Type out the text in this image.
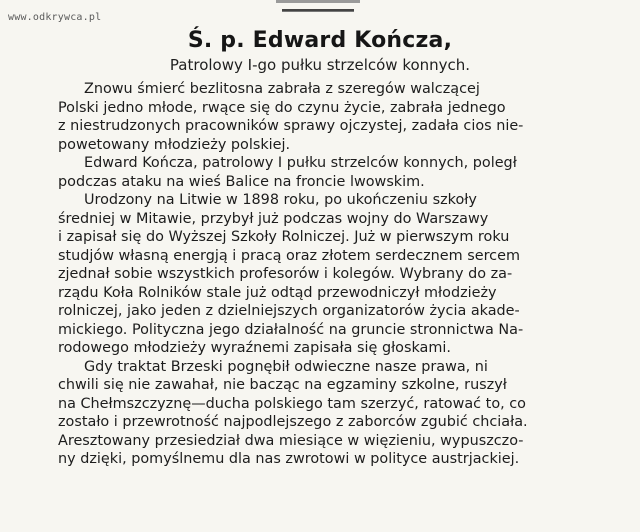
www.odkrywca.pl
Ś. p. Edward Kończa,
Patrolowy I-go pułku strzelców konnych.
Znowu śmierć bezlitosna zabrała z szeregów walczącej
Polski jedno młode, rwące się do czynu życie, zabrała jednego
z niestrudzonych pracowników sprawy ojczystej, zadała cios nie-
powetowany młodzieży polskiej.
Edward Kończa, patrolowy I pułku strzelców konnych, poległ
podczas ataku na wieś Balice na froncie lwowskim.
Urodzony na Litwie w 1898 roku, po ukończeniu szkoły
średniej w Mitawie, przybył już podczas wojny do Warszawy
i zapisał się do Wyższej Szkoły Rolniczej. Już w pierwszym roku
studjów własną energją i pracą oraz złotem serdecznem sercem
zjednał sobie wszystkich profesorów i kolegów. Wybrany do za-
rządu Koła Rolników stale już odtąd przewodniczył młodzieży
rolniczej, jako jeden z dzielniejszych organizatorów życia akade-
mickiego. Polityczna jego działalność na gruncie stronnictwa Na-
rodowego młodzieży wyraźnemi zapisała się głoskami.
Gdy traktat Brzeski pognębił odwieczne nasze prawa, ni
chwili się nie zawahał, nie bacząc na egzaminy szkolne, ruszył
na Chełmszczyznę—ducha polskiego tam szerzyć, ratować to, co
zostało i przewrotność najpodlejszego z zaborców zgubić chciała.
Aresztowany przesiedział dwa miesiące w więzieniu, wypuszczo-
ny dzięki, pomyślnemu dla nas zwrotowi w polityce austrjackiej.
